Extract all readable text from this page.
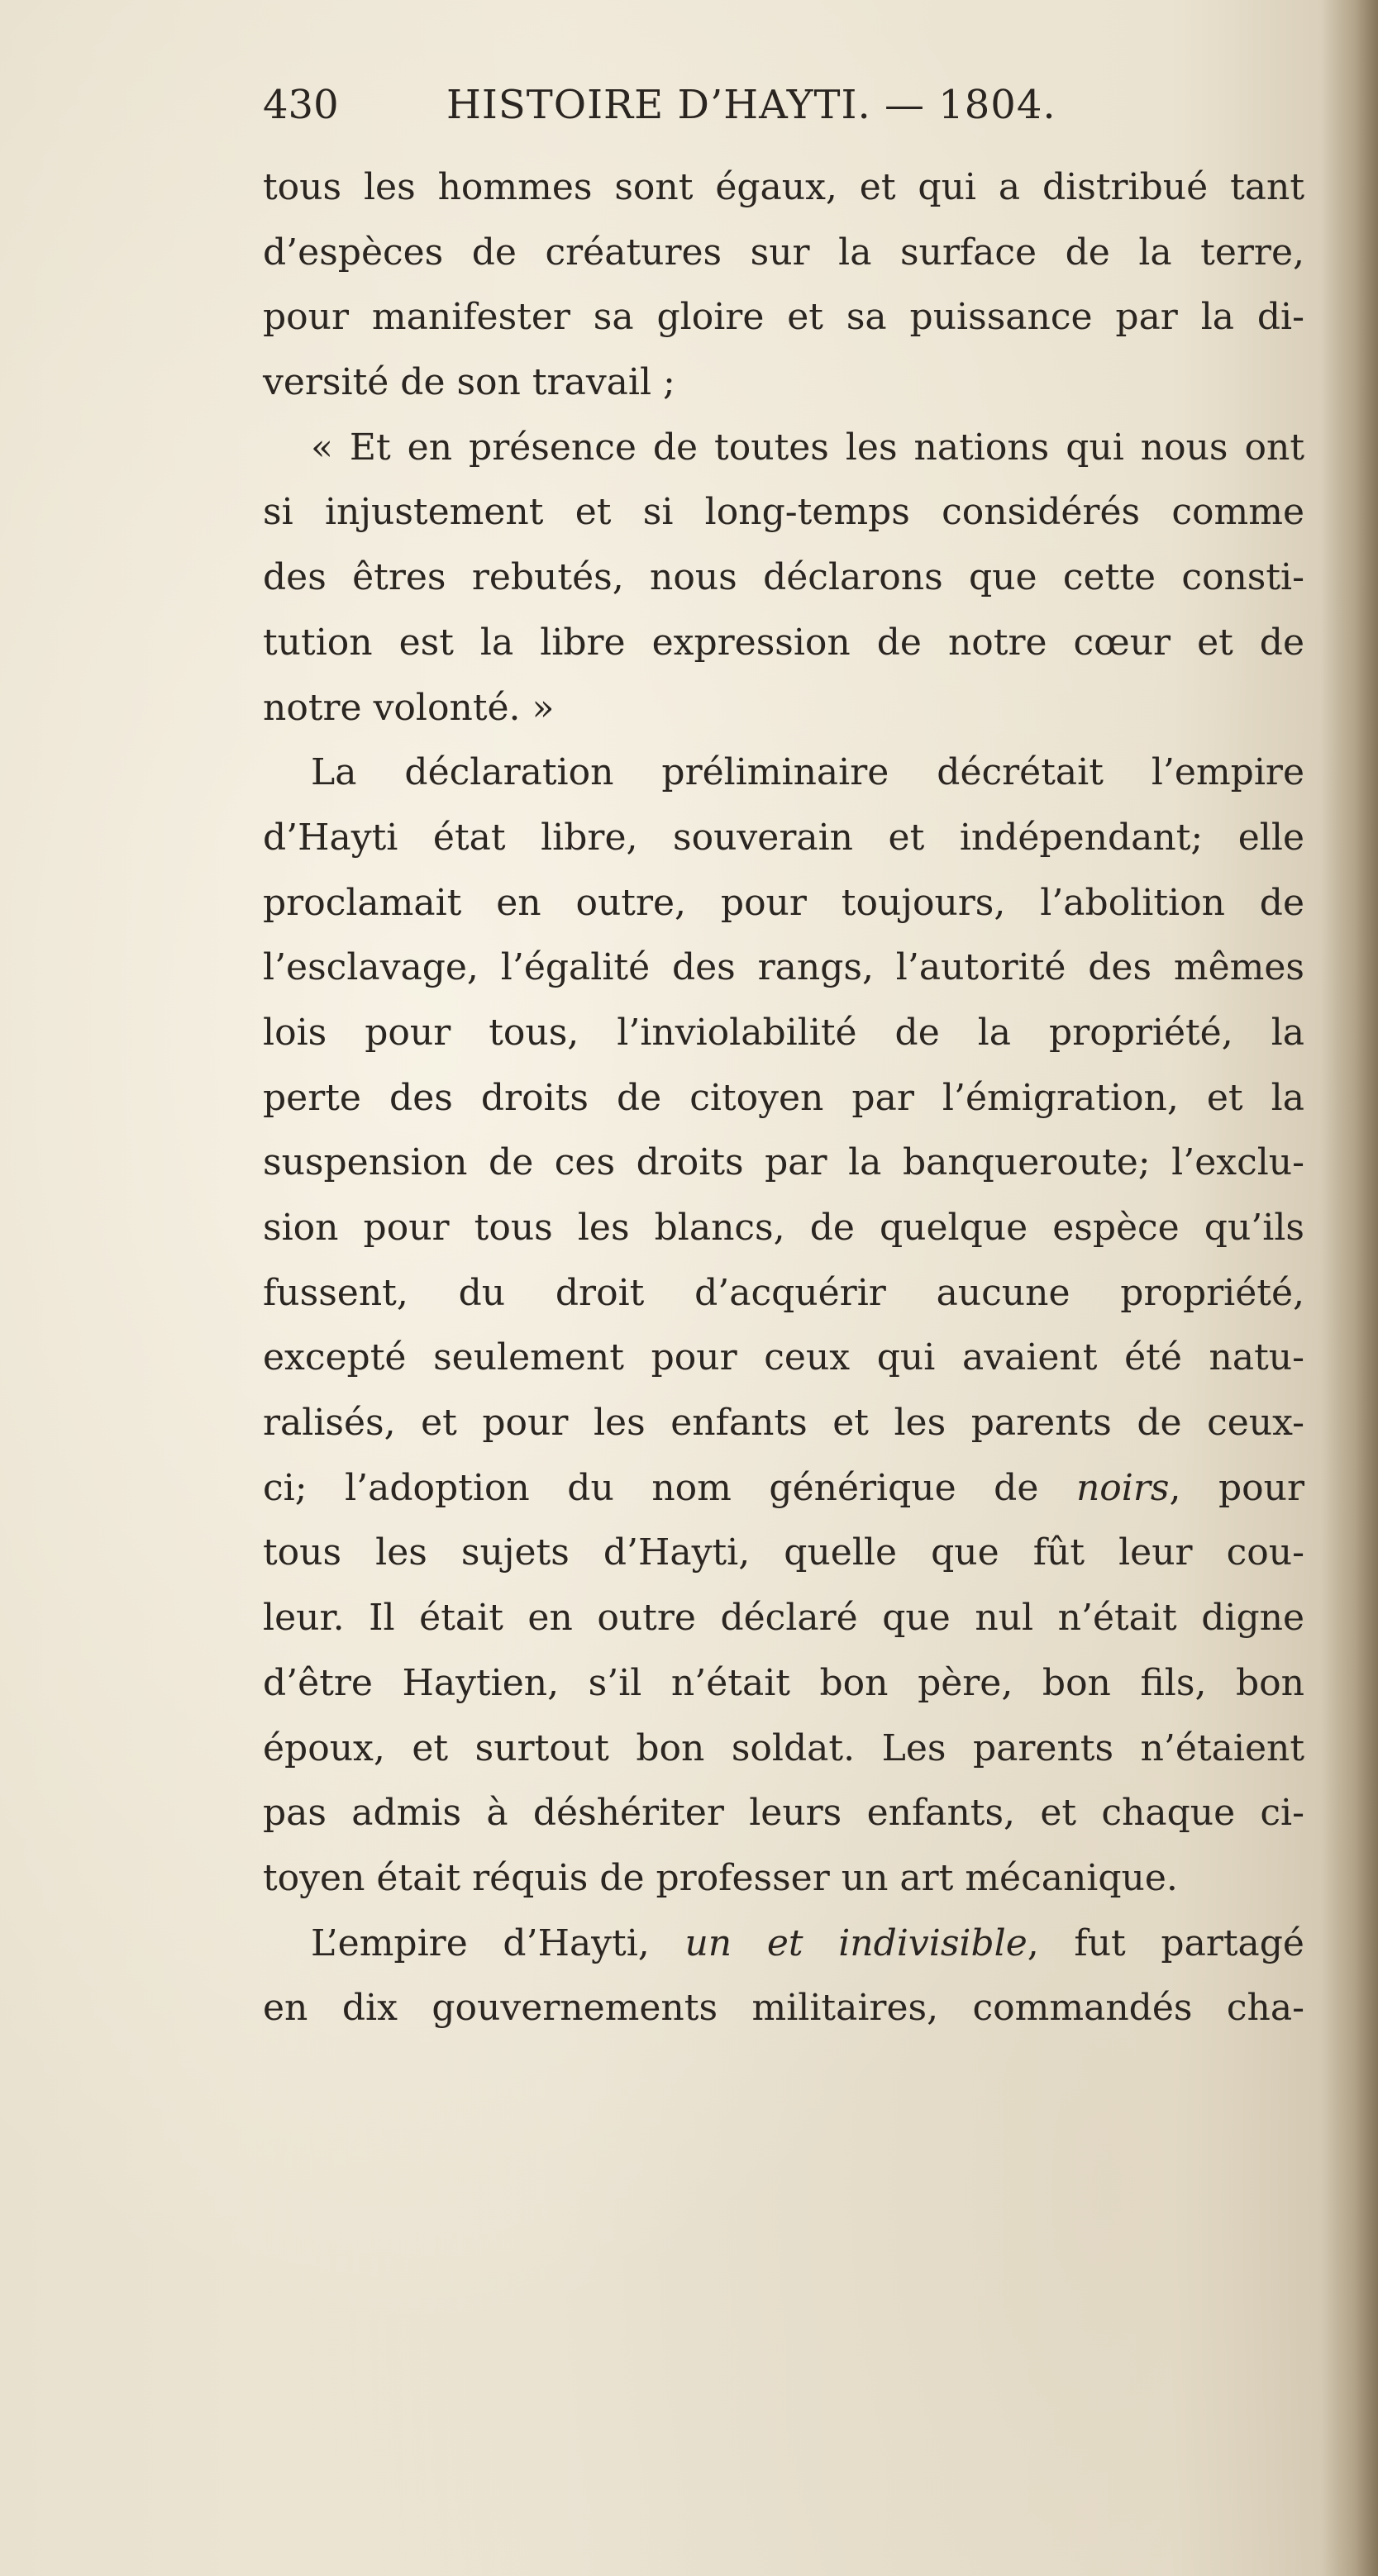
430	HISTOIRE D’HAYTI. — 1804.
tous les hommes sont égaux, et qui a distribué tant
d’espèces de créatures sur la surface de la terre,
pour manifester sa gloire et sa puissance par la di-
versité de son travail ;
« Et en présence de toutes les nations qui nous ont
si injustement et si long-temps considérés comme
des êtres rebutés, nous déclarons que cette consti-
tution est la libre expression de notre cœur et de
notre volonté. »
La déclaration préliminaire décrétait l’empire
d’Hayti état libre, souverain et indépendant; elle
proclamait en outre, pour toujours, l’abolition de
l’esclavage, l’égalité des rangs, l’autorité des mêmes
lois pour tous, l’inviolabilité de la propriété, la
perte des droits de citoyen par l’émigration, et la
suspension de ces droits par la banqueroute; l’exclu-
sion pour tous les blancs, de quelque espèce qu’ils
fussent, du droit d’acquérir aucune propriété,
excepté seulement pour ceux qui avaient été natu-
ralisés, et pour les enfants et les parents de ceux-
ci; l’adoption du nom générique de noirs, pour
tous les sujets d’Hayti, quelle que fût leur cou-
leur. Il était en outre déclaré que nul n’était digne
d’être Haytien, s’il n’était bon père, bon fils, bon
époux, et surtout bon soldat. Les parents n’étaient
pas admis à déshériter leurs enfants, et chaque ci-
toyen était réquis de professer un art mécanique.
L’empire d’Hayti, un et indivisible, fut partagé
en dix gouvernements militaires, commandés cha-
